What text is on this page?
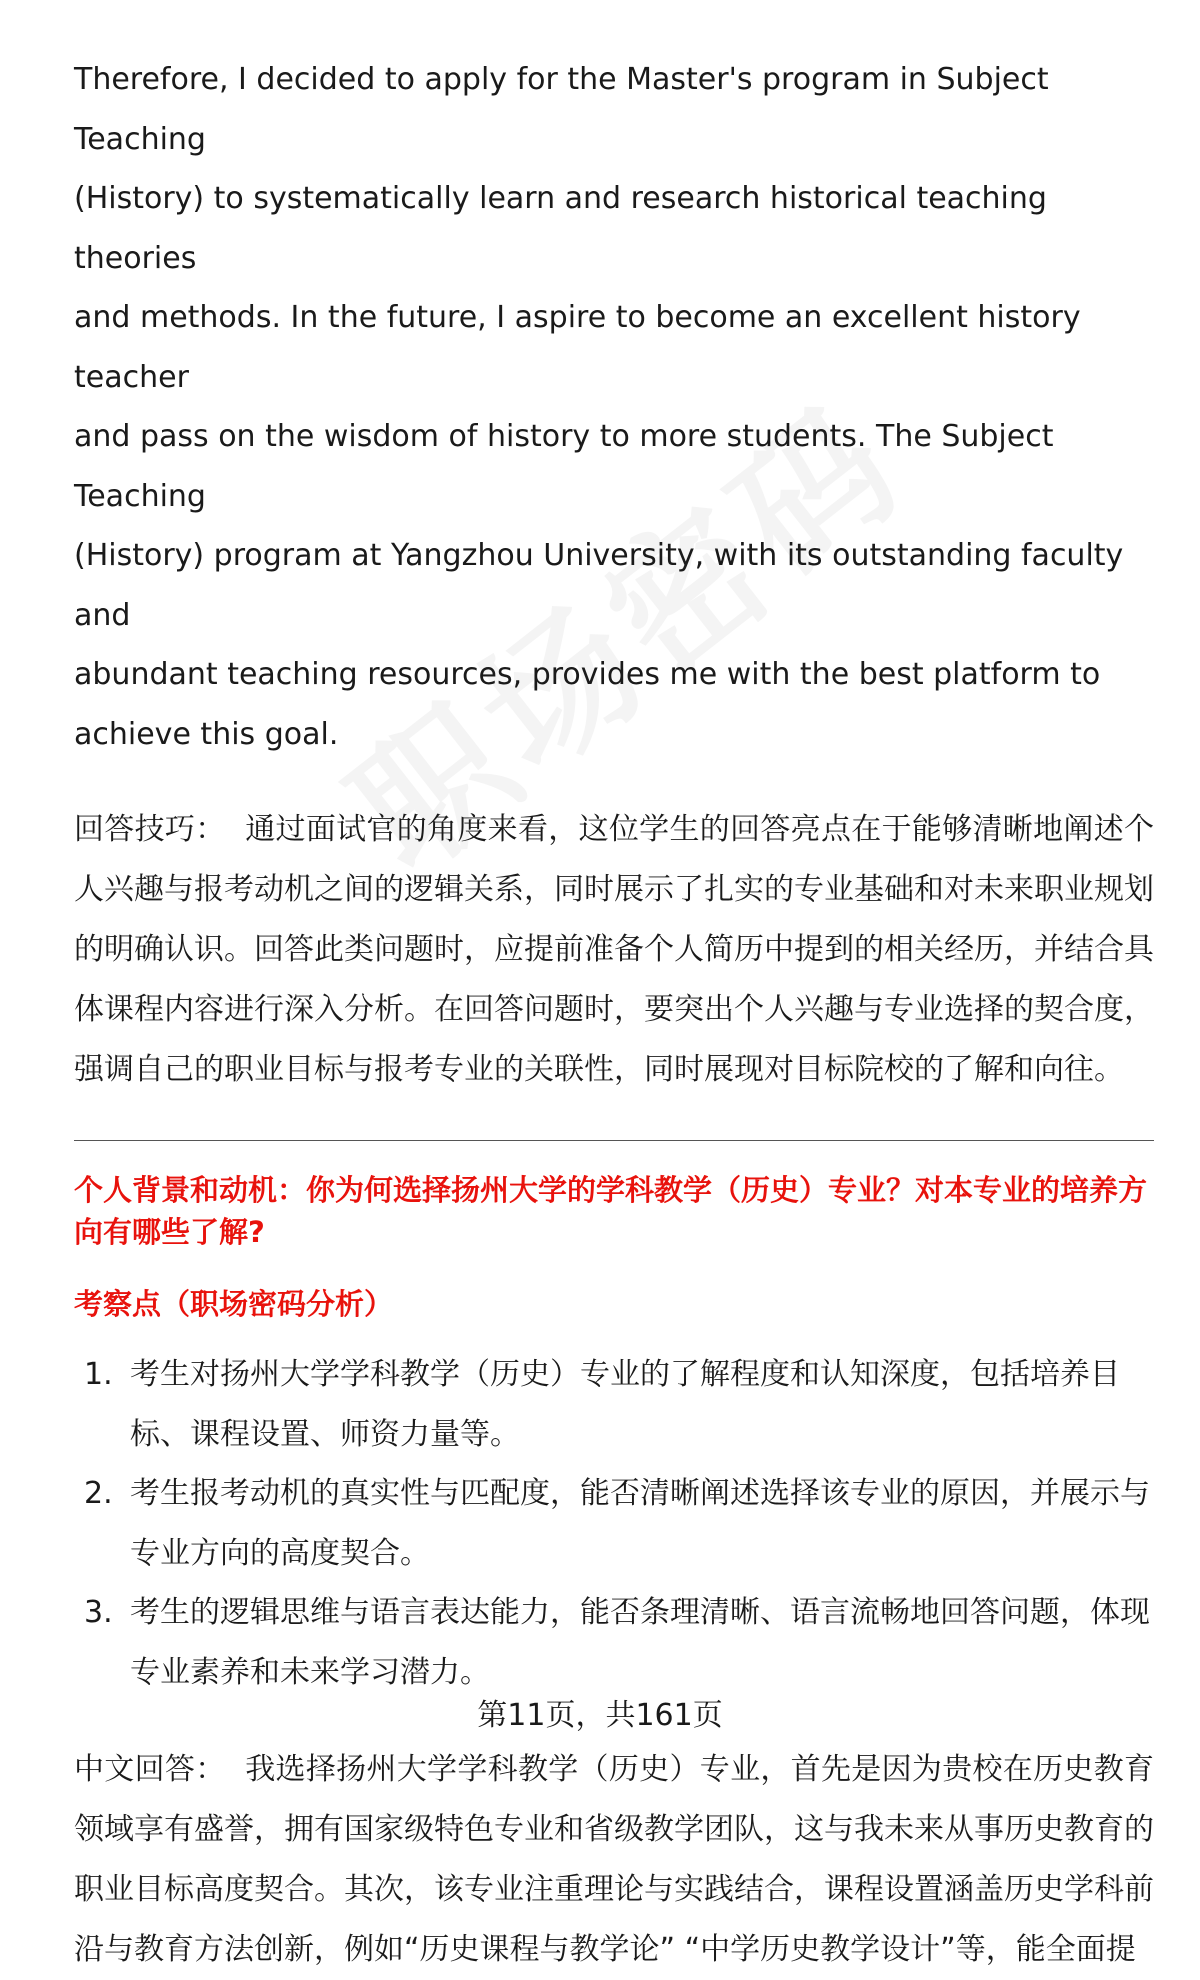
Therefore, I decided to apply for the Master's program in Subject Teaching

(History) to systematically learn and research historical teaching theories

and methods. In the future, I aspire to become an excellent history teacher

and pass on the wisdom of history to more students. The Subject Teaching

(History) program at Yangzhou University, with its outstanding faculty and

abundant teaching resources, provides me with the best platform to

achieve this goal.

回答技巧： 通过面试官的角度来看，这位学生的回答亮点在于能够清晰地阐述个人兴趣与报考动机之间的逻辑关系，同时展示了扎实的专业基础和对未来职业规划的明确认识。回答此类问题时，应提前准备个人简历中提到的相关经历，并结合具体课程内容进行深入分析。在回答问题时，要突出个人兴趣与专业选择的契合度，强调自己的职业目标与报考专业的关联性，同时展现对目标院校的了解和向往。

个人背景和动机：你为何选择扬州大学的学科教学（历史）专业？对本专业的培养方向有哪些了解?

考察点（职场密码分析）

1. 考生对扬州大学学科教学（历史）专业的了解程度和认知深度，包括培养目标、课程设置、师资力量等。
2. 考生报考动机的真实性与匹配度，能否清晰阐述选择该专业的原因，并展示与专业方向的高度契合。
3. 考生的逻辑思维与语言表达能力，能否条理清晰、语言流畅地回答问题，体现专业素养和未来学习潜力。

中文回答： 我选择扬州大学学科教学（历史）专业，首先是因为贵校在历史教育领域享有盛誉，拥有国家级特色专业和省级教学团队，这与我未来从事历史教育的职业目标高度契合。其次，该专业注重理论与实践结合，课程设置涵盖历史学科前沿与教育方法创新，例如“历史课程与教学论” “中学历史教学设计”等，能全面提

第11页，共161页
